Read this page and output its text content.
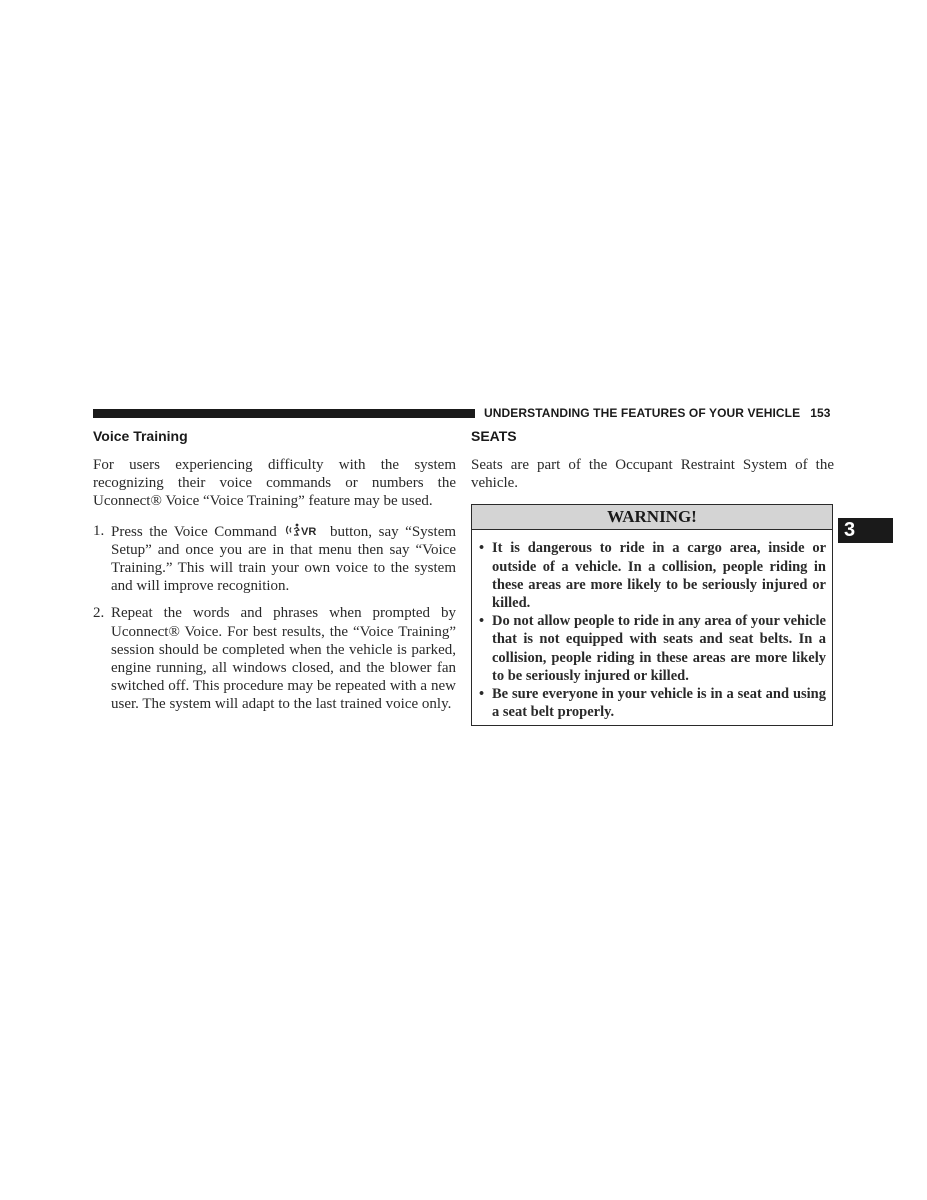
UNDERSTANDING THE FEATURES OF YOUR VEHICLE 153
Voice Training

For users experiencing difficulty with the system recognizing their voice commands or numbers the Uconnect® Voice “Voice Training” feature may be used.

1. Press the Voice Command VR button, say “System Setup” and once you are in that menu then say “Voice Training.” This will train your own voice to the system and will improve recognition.
2. Repeat the words and phrases when prompted by Uconnect® Voice. For best results, the “Voice Training” session should be completed when the vehicle is parked, engine running, all windows closed, and the blower fan switched off. This procedure may be repeated with a new user. The system will adapt to the last trained voice only.
SEATS

Seats are part of the Occupant Restraint System of the vehicle.

WARNING!
• It is dangerous to ride in a cargo area, inside or outside of a vehicle. In a collision, people riding in these areas are more likely to be seriously injured or killed.
• Do not allow people to ride in any area of your vehicle that is not equipped with seats and seat belts. In a collision, people riding in these areas are more likely to be seriously injured or killed.
• Be sure everyone in your vehicle is in a seat and using a seat belt properly.
3
